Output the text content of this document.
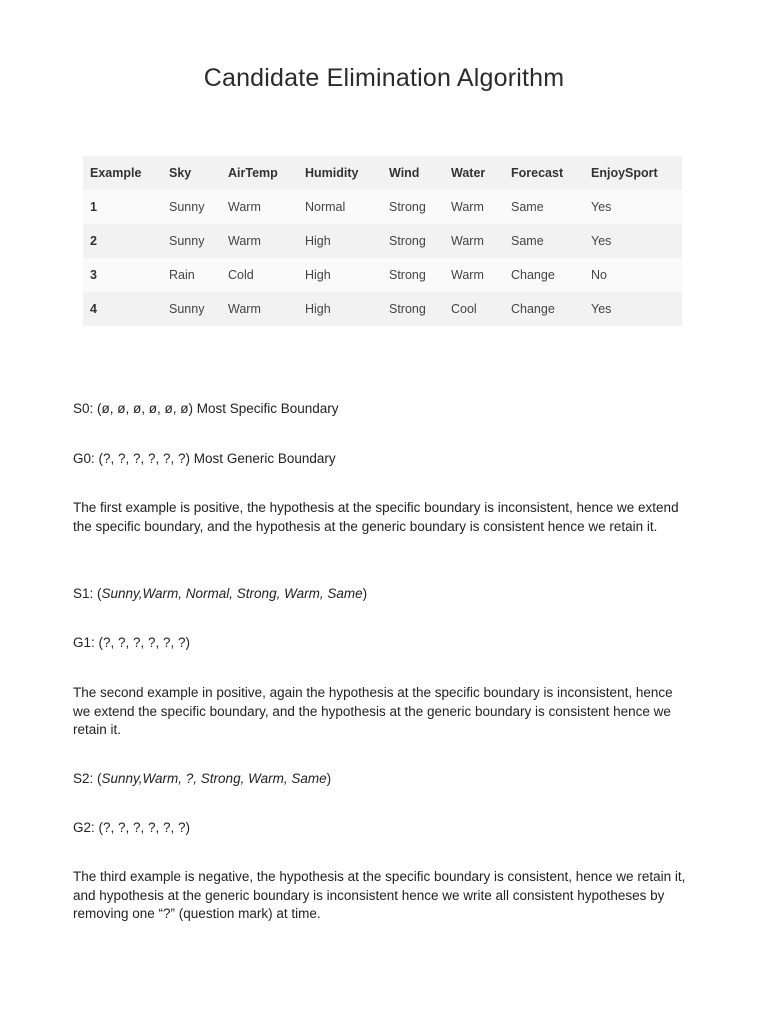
Candidate Elimination Algorithm
Example	Sky	AirTemp	Humidity	Wind	Water	Forecast	EnjoySport
1	Sunny	Warm	Normal	Strong	Warm	Same	Yes
2	Sunny	Warm	High	Strong	Warm	Same	Yes
3	Rain	Cold	High	Strong	Warm	Change	No
4	Sunny	Warm	High	Strong	Cool	Change	Yes

S0: (ø, ø, ø, ø, ø, ø) Most Specific Boundary

G0: (?, ?, ?, ?, ?, ?) Most Generic Boundary

The first example is positive, the hypothesis at the specific boundary is inconsistent, hence we extend the specific boundary, and the hypothesis at the generic boundary is consistent hence we retain it.

S1: (Sunny,Warm, Normal, Strong, Warm, Same)

G1: (?, ?, ?, ?, ?, ?)

The second example in positive, again the hypothesis at the specific boundary is inconsistent, hence we extend the specific boundary, and the hypothesis at the generic boundary is consistent hence we retain it.

S2: (Sunny,Warm, ?, Strong, Warm, Same)

G2: (?, ?, ?, ?, ?, ?)

The third example is negative, the hypothesis at the specific boundary is consistent, hence we retain it, and hypothesis at the generic boundary is inconsistent hence we write all consistent hypotheses by removing one “?” (question mark) at time.
